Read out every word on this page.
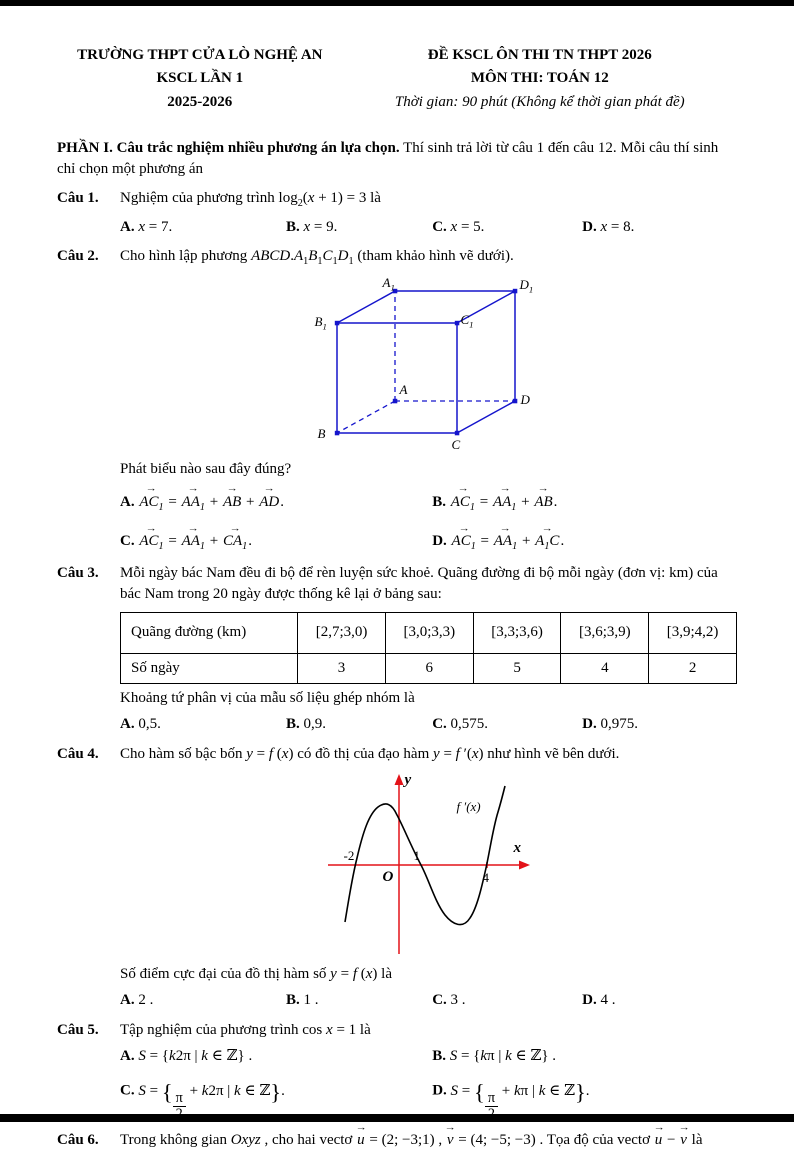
TRƯỜNG THPT CỬA LÒ NGHỆ AN
KSCL LẦN 1
2025-2026
ĐỀ KSCL ÔN THI TN THPT 2026
MÔN THI: TOÁN 12
Thời gian: 90 phút (Không kể thời gian phát đề)

PHẦN I. Câu trắc nghiệm nhiều phương án lựa chọn. Thí sinh trả lời từ câu 1 đến câu 12. Mỗi câu thí sinh chỉ chọn một phương án

Câu 1.	Nghiệm của phương trình $\log_2(x + 1) = 3$ là
A. x = 7.	B. x = 9.	C. x = 5.	D. x = 8.
Câu 2.	Cho hình lập phương $ABCD.A_1B_1C_1D_1$ (tham khảo hình vẽ dưới).
$A_1$	$D_1$
$B_1$	$C_1$
A
D
B
C
Phát biểu nào sau đây đúng?
A. $AC_1$ → = $AA_1$ → + AB → + AD →.	B. $AC_1$ → = $AA_1$ → + AB →.
C. $AC_1$ → = $AA_1$ → + $CA_1$ →.	D. $AC_1$ → = $AA_1$ → + $A_1C$ →.
Câu 3.	Mỗi ngày bác Nam đều đi bộ để rèn luyện sức khoẻ. Quãng đường đi bộ mỗi ngày (đơn vị: km) của bác Nam trong 20 ngày được thống kê lại ở bảng sau:
Quãng đường (km)	[2,7;3,0)	[3,0;3,3)	[3,3;3,6)	[3,6;3,9)	[3,9;4,2)
Số ngày	3	6	5	4	2
Khoảng tứ phân vị của mẫu số liệu ghép nhóm là
A. 0,5.	B. 0,9.	C. 0,575.	D. 0,975.
Câu 4.	Cho hàm số bậc bốn y = f (x) có đồ thị của đạo hàm y = f ′(x) như hình vẽ bên dưới.
y
x
O
-2	1
4
f ′(x)
Số điểm cực đại của đồ thị hàm số y = f (x) là
A. 2 .	B. 1 .	C. 3 .	D. 4 .
Câu 5.	Tập nghiệm của phương trình cos x = 1 là
A. S = {k2π | k ∈ ℤ} .	B. S = {kπ | k ∈ ℤ} .
C. S = { π + k2π | k ∈ ℤ}.	D. S = { π + kπ | k ∈ ℤ}.
Câu 6.	Trong không gian Oxyz , cho hai vectơ u → = (2; −3;1) , v → = (4; −5; −3) . Tọa độ của vectơ u → − v → là
